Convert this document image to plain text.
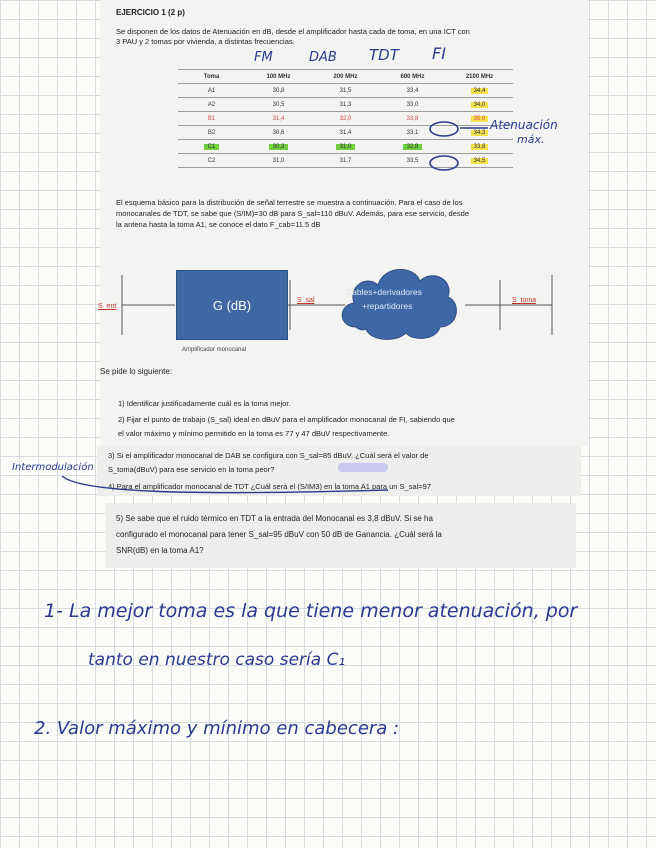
EJERCICIO 1 (2 p)
Se disponen de los datos de Atenuación en dB, desde el amplificador hasta cada de toma, en una ICT con
3 PAU y 2 tomas por vivienda, a distintas frecuencias.
FM	DAB TDT FI
Toma	100 MHz	200 MHz	600 MHz	2100 MHz
A1	30,8	31,5	33,4	34,4
A2	30,5	31,3	33,0	34,0
B1	31,4	32,0	33,8	35,0
B2	30,6	31,4	33,1	34,3
C1	30,3	31,0	32,8	33,8
C2	31,0	31,7	33,5	34,5
Atenuación
máx.
El esquema básico para la distribución de señal terrestre se muestra a continuación. Para el caso de los
monocanales de TDT, se sabe que (S/IM)=30 dB para S_sal=110 dBuV. Además, para ese servicio, desde
la antena hasta la toma A1, se conoce el dato F_cab=11.5 dB
S_ent	G (dB)	S_sal
Cables+derivadores
+repartidores
S_toma
Amplificador monocanal
Se pide lo siguiente:
1) Identificar justificadamente cuál es la toma mejor.
2) Fijar el punto de trabajo (S_sal) ideal en dBuV para el amplificador monocanal de FI, sabiendo que
el valor máximo y mínimo permitido en la toma es 77 y 47 dBuV respectivamente.
3) Si el amplificador monocanal de DAB se configura con S_sal=85 dBuV. ¿Cuál será el valor de
S_toma(dBuV) para ese servicio en la toma peor?
4) Para el amplificador monocanal de TDT ¿Cuál será el (S/IM3) en la toma A1 para un S_sal=97
5) Se sabe que el ruido térmico en TDT a la entrada del Monocanal es 3,8 dBuV. Si se ha
configurado el monocanal para tener S_sal=95 dBuV con 50 dB de Ganancia. ¿Cuál será la
SNR(dB) en la toma A1?
Intermodulación
1- La mejor toma es la que tiene menor atenuación, por
tanto en nuestro caso sería C₁
2. Valor máximo y mínimo en cabecera :
